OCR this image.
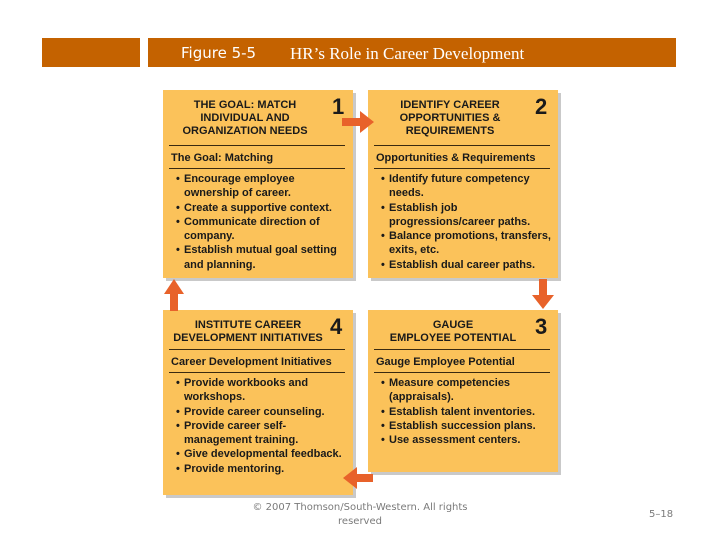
Figure 5-5 HR’s Role in Career Development
THE GOAL: MATCH
INDIVIDUAL AND
ORGANIZATION NEEDS
1
The Goal: Matching
• Encourage employee ownership of career.
• Create a supportive context.
• Communicate direction of company.
• Establish mutual goal setting and planning.
IDENTIFY CAREER
OPPORTUNITIES &
REQUIREMENTS
2
Opportunities & Requirements
• Identify future competency needs.
• Establish job progressions/career paths.
• Balance promotions, transfers, exits, etc.
• Establish dual career paths.
INSTITUTE CAREER
DEVELOPMENT INITIATIVES 4
Career Development Initiatives
• Provide workbooks and workshops.
• Provide career counseling.
• Provide career self-management training.
• Give developmental feedback.
• Provide mentoring.
GAUGE
EMPLOYEE POTENTIAL 3
Gauge Employee Potential
• Measure competencies (appraisals).
• Establish talent inventories.
• Establish succession plans.
• Use assessment centers.
© 2007 Thomson/South-Western. All rights reserved
5–18
